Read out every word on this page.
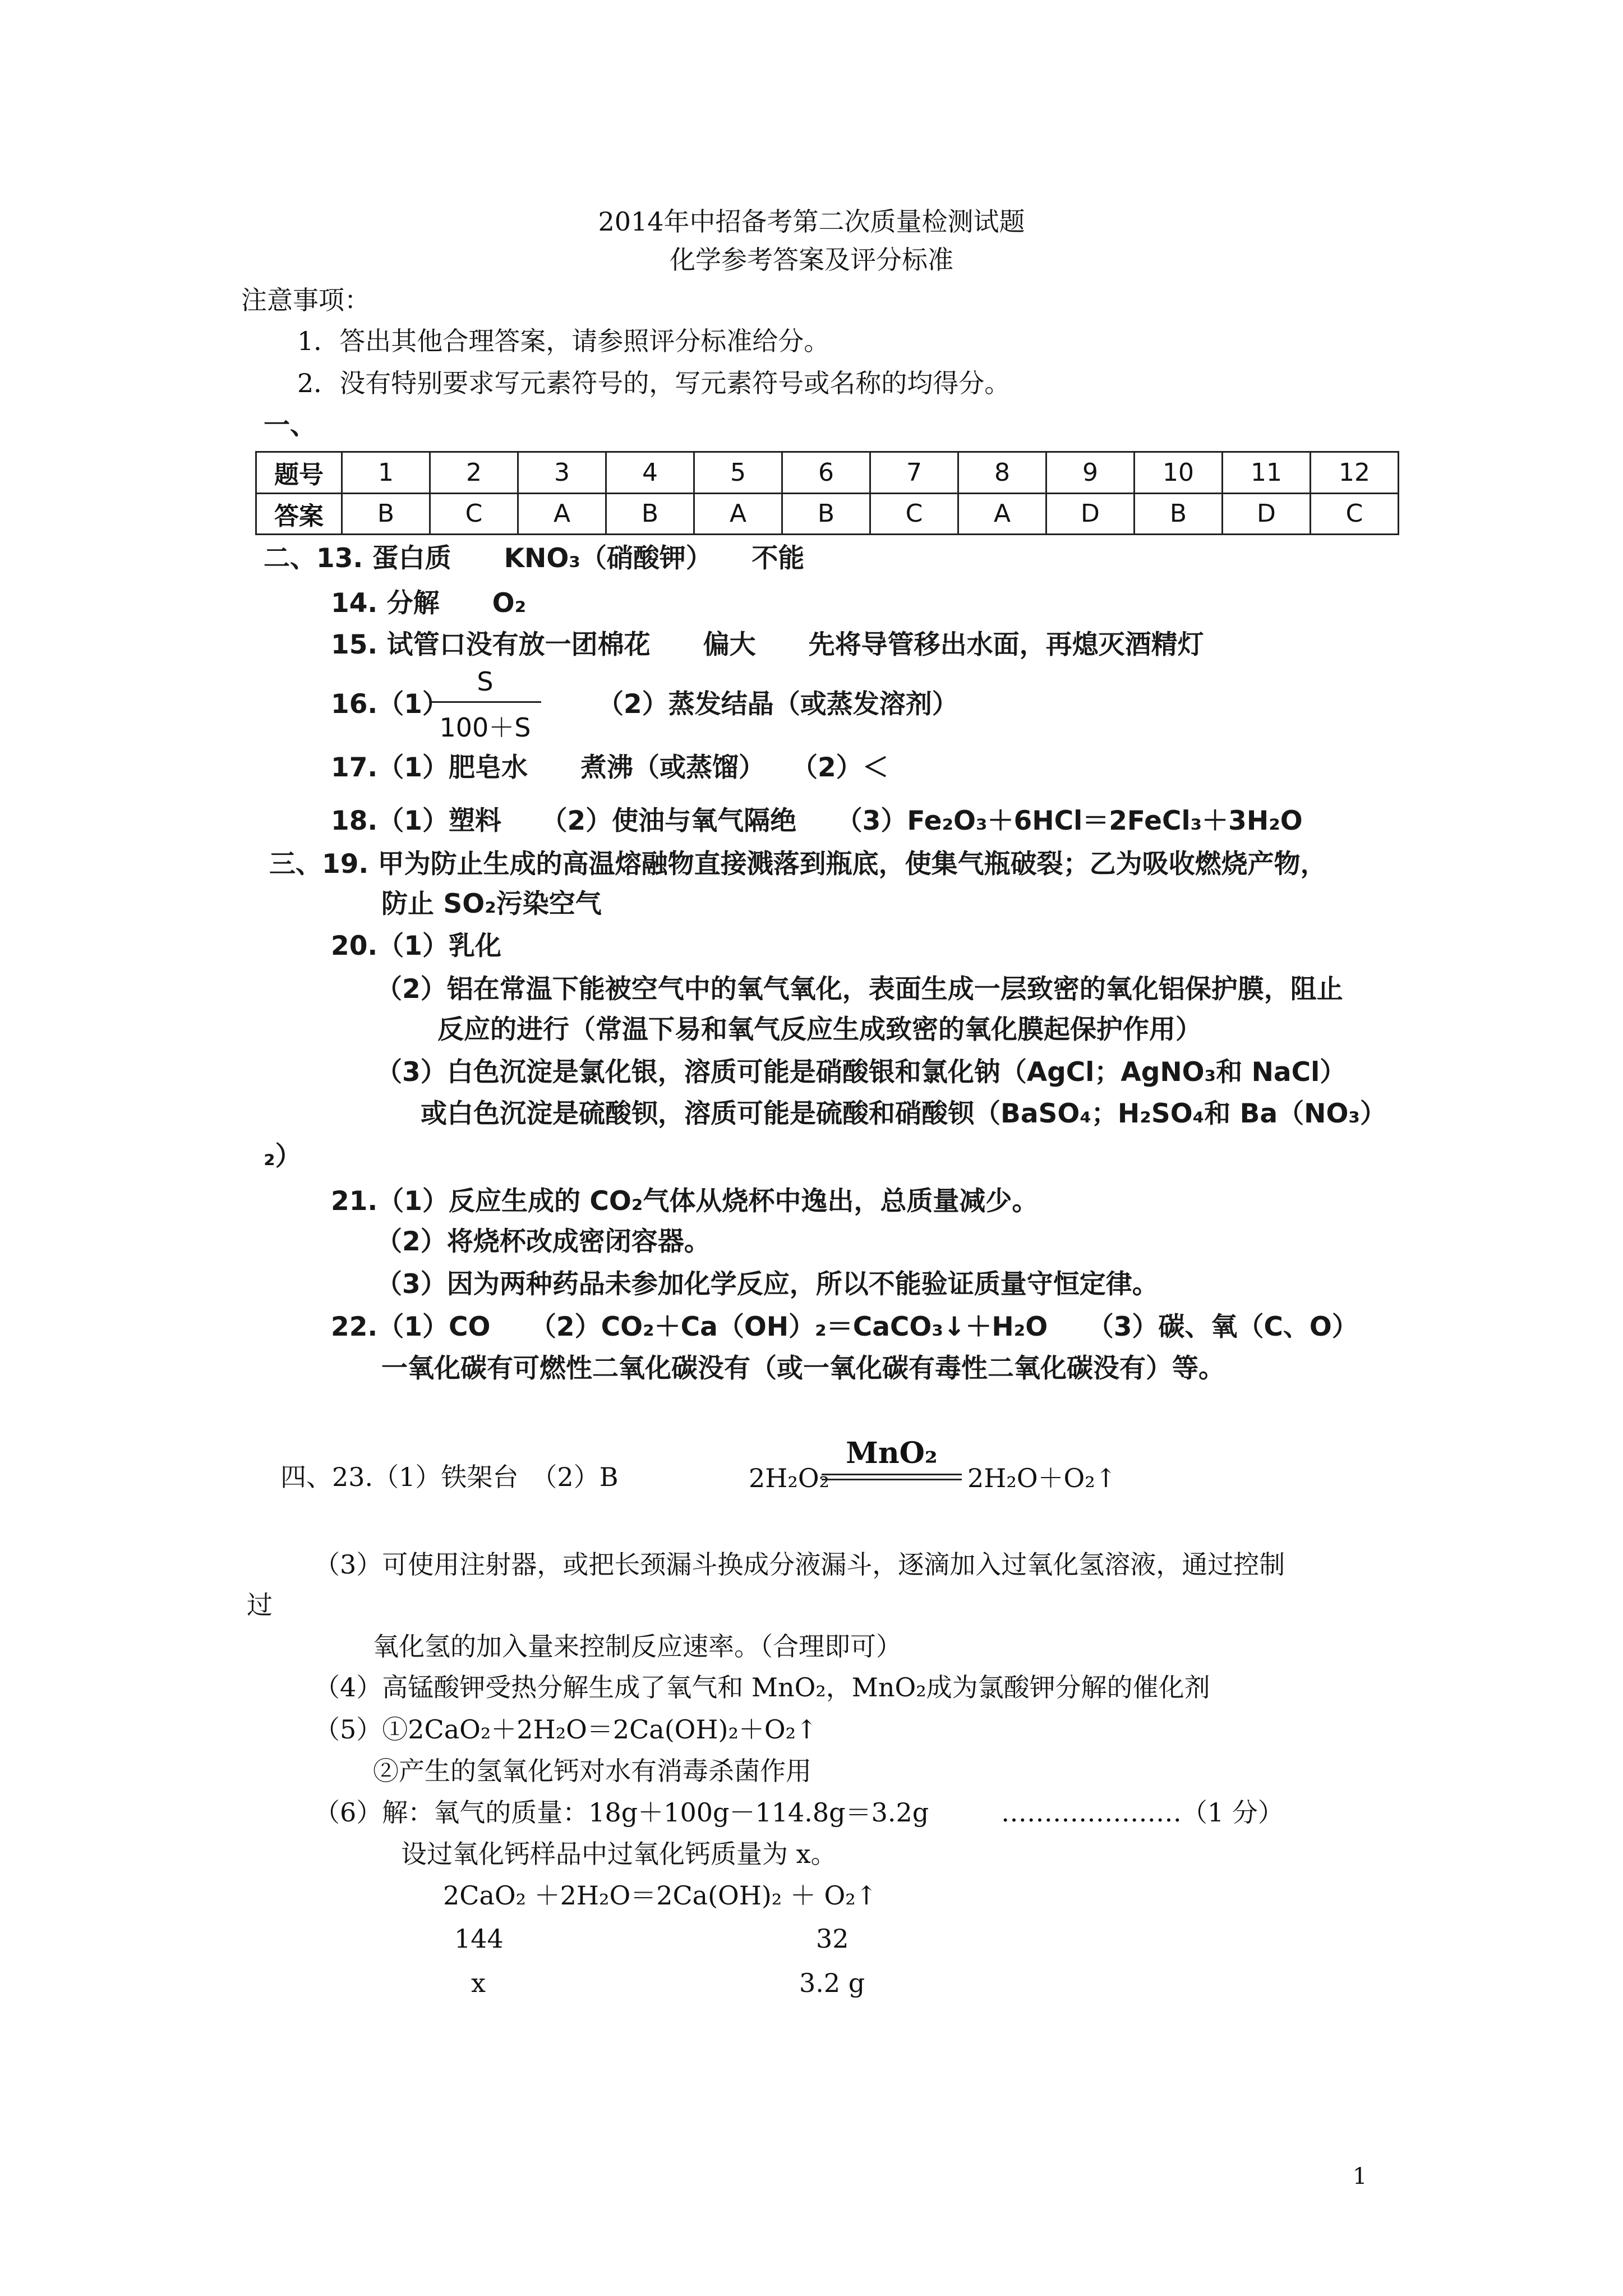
2014年中招备考第二次质量检测试题
化学参考答案及评分标准
注意事项：
1．答出其他合理答案，请参照评分标准给分。
2．没有特别要求写元素符号的，写元素符号或名称的均得分。
一、
题号	1	2	3	4	5	6	7	8	9	10	11	12
答案	B	C	A	B	A	B	C	A	D	B	D	C
二、13. 蛋白质　　KNO₃（硝酸钾）　　不能
14. 分解　　O₂
15. 试管口没有放一团棉花　　偏大　　先将导管移出水面，再熄灭酒精灯
16.（1）
S
100＋S
（2）蒸发结晶（或蒸发溶剂）
17.（1）肥皂水　　煮沸（或蒸馏）　　（2）＜
18.（1）塑料　　（2）使油与氧气隔绝　　（3）Fe₂O₃＋6HCl＝2FeCl₃＋3H₂O
三、19. 甲为防止生成的高温熔融物直接溅落到瓶底，使集气瓶破裂；乙为吸收燃烧产物，
防止 SO₂污染空气
20.（1）乳化
（2）铝在常温下能被空气中的氧气氧化，表面生成一层致密的氧化铝保护膜，阻止
反应的进行（常温下易和氧气反应生成致密的氧化膜起保护作用）
（3）白色沉淀是氯化银，溶质可能是硝酸银和氯化钠（AgCl；AgNO₃和 NaCl）
或白色沉淀是硫酸钡，溶质可能是硫酸和硝酸钡（BaSO₄；H₂SO₄和 Ba（NO₃）
₂）
21.（1）反应生成的 CO₂气体从烧杯中逸出，总质量减少。
（2）将烧杯改成密闭容器。
（3）因为两种药品未参加化学反应，所以不能验证质量守恒定律。
22.（1）CO　　（2）CO₂＋Ca（OH）₂＝CaCO₃↓＋H₂O　　（3）碳、氧（C、O）
一氧化碳有可燃性二氧化碳没有（或一氧化碳有毒性二氧化碳没有）等。
四、23.（1）铁架台　（2）B	2H₂O₂
MnO₂
2H₂O＋O₂↑
（3）可使用注射器，或把长颈漏斗换成分液漏斗，逐滴加入过氧化氢溶液，通过控制
过
氧化氢的加入量来控制反应速率。（合理即可）
（4）高锰酸钾受热分解生成了氧气和 MnO₂，MnO₂成为氯酸钾分解的催化剂
（5）①2CaO₂＋2H₂O＝2Ca(OH)₂＋O₂↑
②产生的氢氧化钙对水有消毒杀菌作用
（6）解：氧气的质量：18g＋100g－114.8g＝3.2g	…………………（1 分）
设过氧化钙样品中过氧化钙质量为 x。
2CaO₂ ＋2H₂O＝2Ca(OH)₂ ＋ O₂↑
144	32
x	3.2 g
1
